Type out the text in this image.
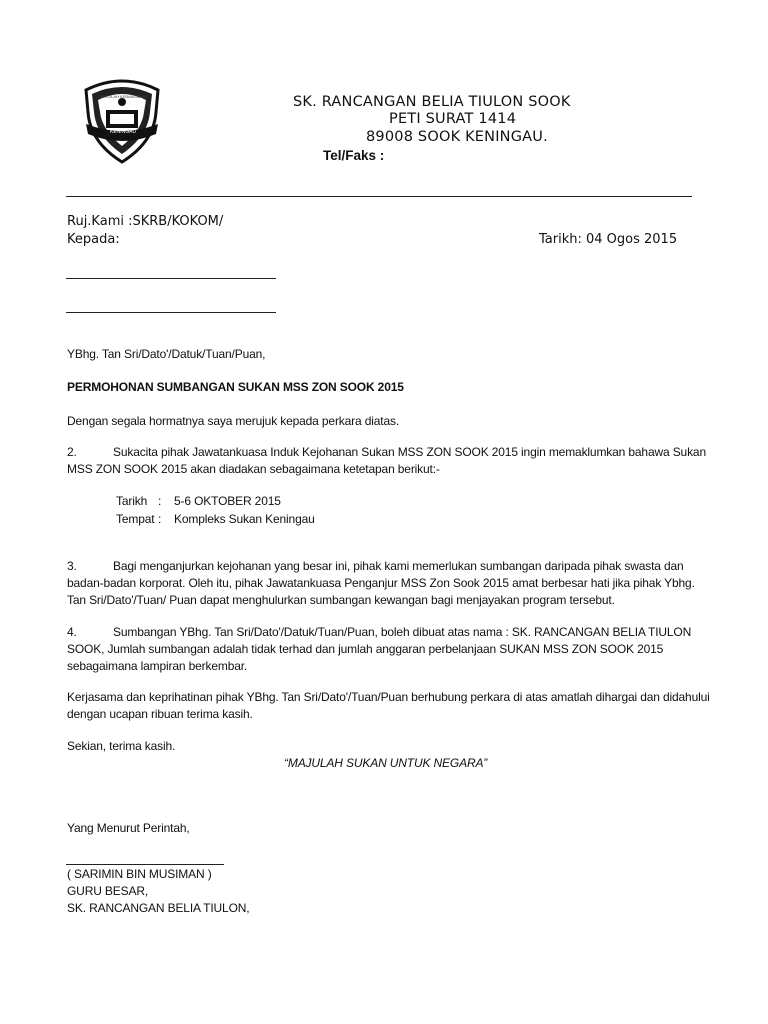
SEKOLAH KEBANGSAAN
KENINGAU
SK. RANCANGAN BELIA TIULON SOOK
PETI SURAT 1414
89008 SOOK KENINGAU.
Tel/Faks :
Ruj.Kami :SKRB/KOKOM/
Kepada:	Tarikh: 04 Ogos 2015
YBhg. Tan Sri/Dato'/Datuk/Tuan/Puan,
PERMOHONAN SUMBANGAN SUKAN MSS ZON SOOK 2015
Dengan segala hormatnya saya merujuk kepada perkara diatas.
2.	Sukacita pihak Jawatankuasa Induk Kejohanan Sukan MSS ZON SOOK 2015 ingin memaklumkan bahawa Sukan
MSS ZON SOOK 2015 akan diadakan sebagaimana ketetapan berikut:-
Tarikh : 5-6 OKTOBER 2015
Tempat : Kompleks Sukan Keningau
3.	Bagi menganjurkan kejohanan yang besar ini, pihak kami memerlukan sumbangan daripada pihak swasta dan
badan-badan korporat. Oleh itu, pihak Jawatankuasa Penganjur MSS Zon Sook 2015 amat berbesar hati jika pihak Ybhg.
Tan Sri/Dato'/Tuan/ Puan dapat menghulurkan sumbangan kewangan bagi menjayakan program tersebut.
4.	Sumbangan YBhg. Tan Sri/Dato'/Datuk/Tuan/Puan, boleh dibuat atas nama : SK. RANCANGAN BELIA TIULON
SOOK, Jumlah sumbangan adalah tidak terhad dan jumlah anggaran perbelanjaan SUKAN MSS ZON SOOK 2015
sebagaimana lampiran berkembar.
Kerjasama dan keprihatinan pihak YBhg. Tan Sri/Dato'/Tuan/Puan berhubung perkara di atas amatlah dihargai dan didahului
dengan ucapan ribuan terima kasih.
Sekian, terima kasih.
“MAJULAH SUKAN UNTUK NEGARA”
Yang Menurut Perintah,
( SARIMIN BIN MUSIMAN )
GURU BESAR,
SK. RANCANGAN BELIA TIULON,
